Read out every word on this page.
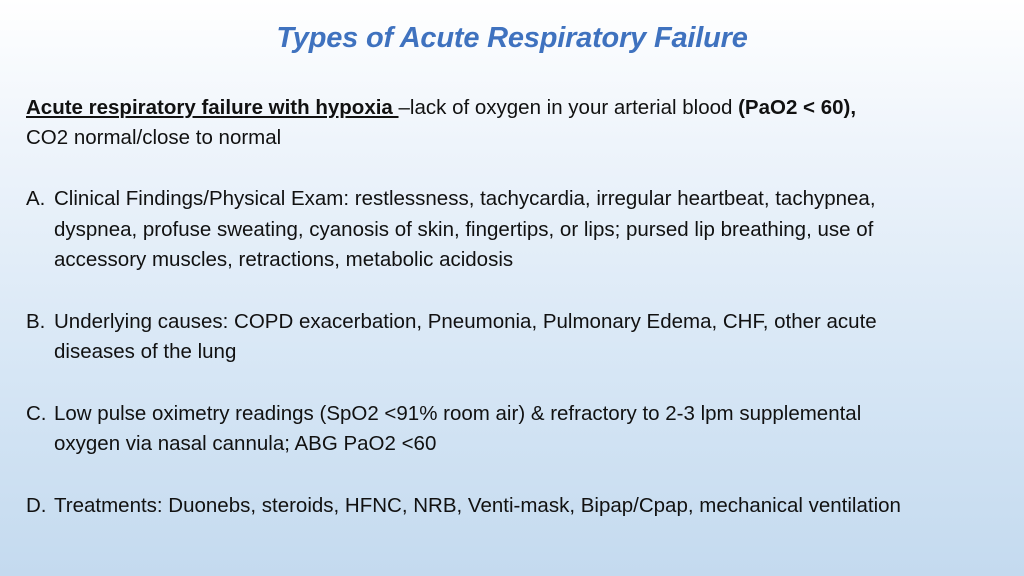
Types of Acute Respiratory Failure
Acute respiratory failure with hypoxia –lack of oxygen in your arterial blood (PaO2 < 60),
CO2 normal/close to normal
A. Clinical Findings/Physical Exam: restlessness, tachycardia, irregular heartbeat, tachypnea, dyspnea, profuse sweating, cyanosis of skin, fingertips, or lips; pursed lip breathing, use of accessory muscles, retractions, metabolic acidosis
B. Underlying causes: COPD exacerbation, Pneumonia, Pulmonary Edema, CHF, other acute diseases of the lung
C. Low pulse oximetry readings (SpO2 <91% room air) & refractory to 2-3 lpm supplemental oxygen via nasal cannula; ABG PaO2 <60
D. Treatments: Duonebs, steroids, HFNC, NRB, Venti-mask, Bipap/Cpap, mechanical ventilation
